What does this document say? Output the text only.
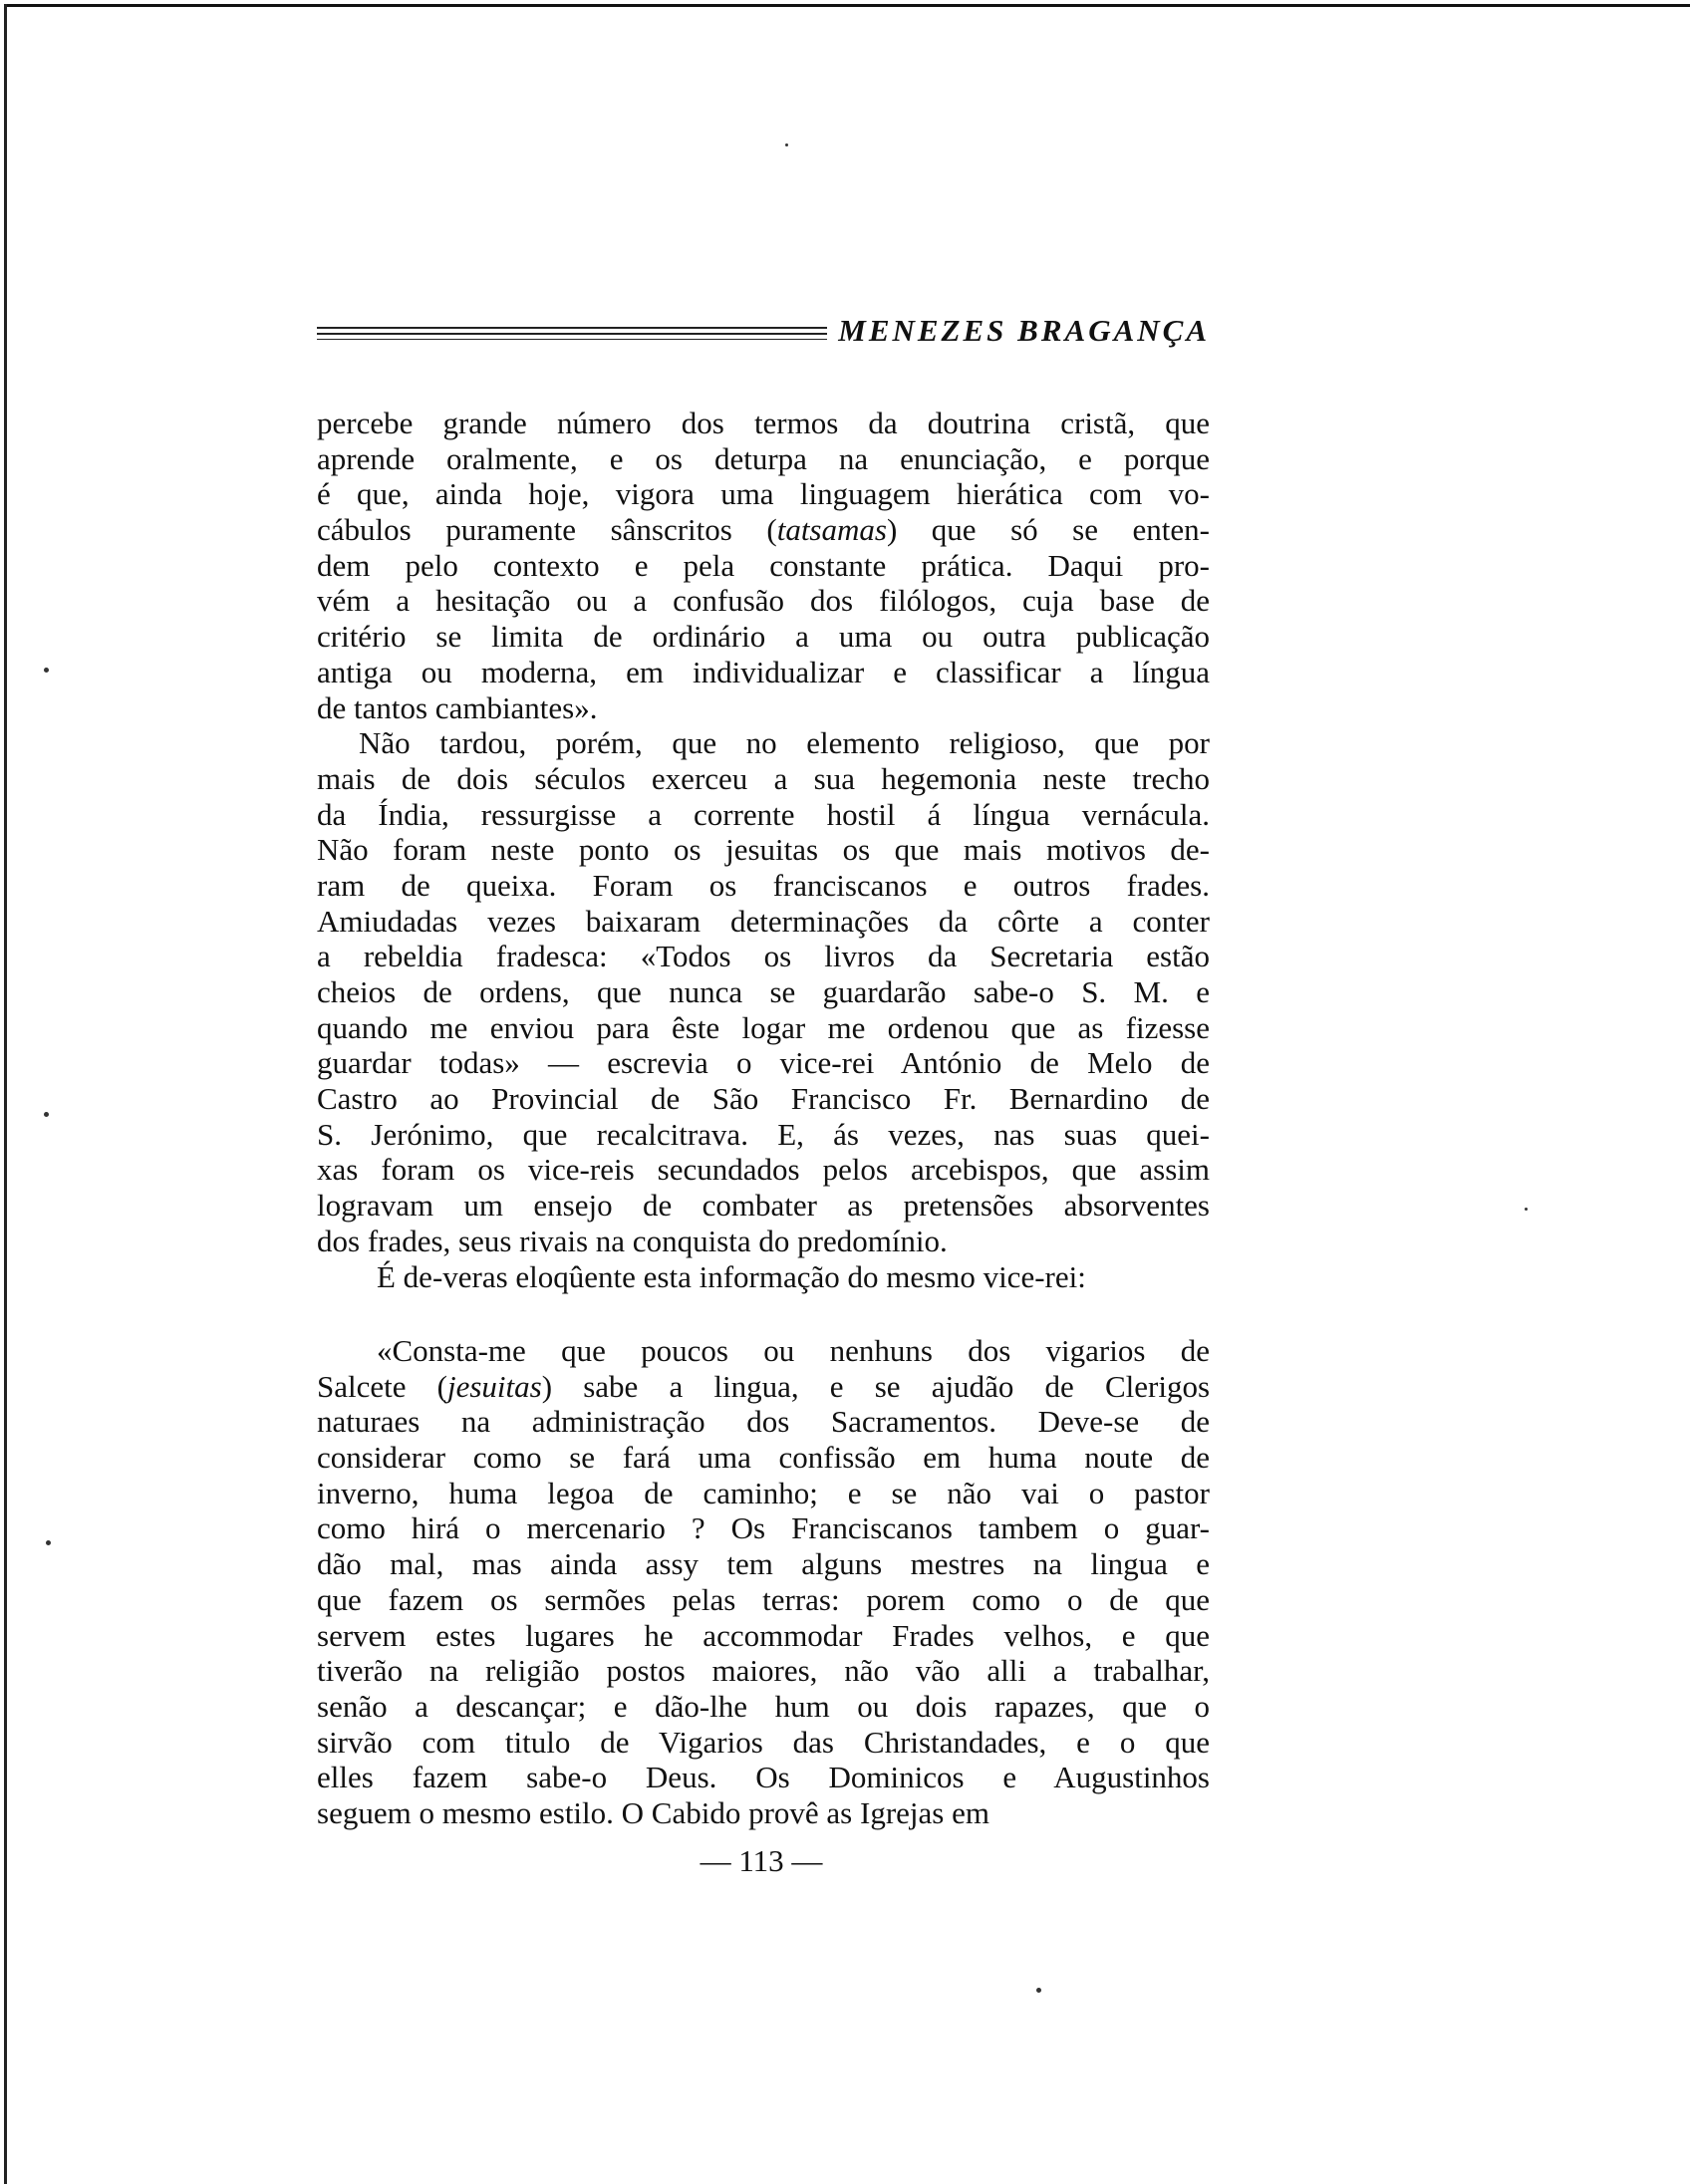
MENEZES BRAGANÇA
percebe grande número dos termos da doutrina cristã, que
aprende oralmente, e os deturpa na enunciação, e porque
é que, ainda hoje, vigora uma linguagem hierática com vo-
cábulos puramente sânscritos (tatsamas) que só se enten-
dem pelo contexto e pela constante prática. Daqui pro-
vém a hesitação ou a confusão dos filólogos, cuja base de
critério se limita de ordinário a uma ou outra publicação
antiga ou moderna, em individualizar e classificar a língua
de tantos cambiantes».
Não tardou, porém, que no elemento religioso, que por
mais de dois séculos exerceu a sua hegemonia neste trecho
da Índia, ressurgisse a corrente hostil á língua vernácula.
Não foram neste ponto os jesuitas os que mais motivos de-
ram de queixa. Foram os franciscanos e outros frades.
Amiudadas vezes baixaram determinações da côrte a conter
a rebeldia fradesca: «Todos os livros da Secretaria estão
cheios de ordens, que nunca se guardarão sabe-o S. M. e
quando me enviou para êste logar me ordenou que as fizesse
guardar todas» — escrevia o vice-rei António de Melo de
Castro ao Provincial de São Francisco Fr. Bernardino de
S. Jerónimo, que recalcitrava. E, ás vezes, nas suas quei-
xas foram os vice-reis secundados pelos arcebispos, que assim
logravam um ensejo de combater as pretensões absorventes
dos frades, seus rivais na conquista do predomínio.
É de-veras eloqûente esta informação do mesmo vice-rei:
«Consta-me que poucos ou nenhuns dos vigarios de
Salcete (jesuitas) sabe a lingua, e se ajudão de Clerigos
naturaes na administração dos Sacramentos. Deve-se de
considerar como se fará uma confissão em huma noute de
inverno, huma legoa de caminho; e se não vai o pastor
como hirá o mercenario ? Os Franciscanos tambem o guar-
dão mal, mas ainda assy tem alguns mestres na lingua e
que fazem os sermões pelas terras: porem como o de que
servem estes lugares he accommodar Frades velhos, e que
tiverão na religião postos maiores, não vão alli a trabalhar,
senão a descançar; e dão-lhe hum ou dois rapazes, que o
sirvão com titulo de Vigarios das Christandades, e o que
elles fazem sabe-o Deus. Os Dominicos e Augustinhos
seguem o mesmo estilo. O Cabido provê as Igrejas em
— 113 —
